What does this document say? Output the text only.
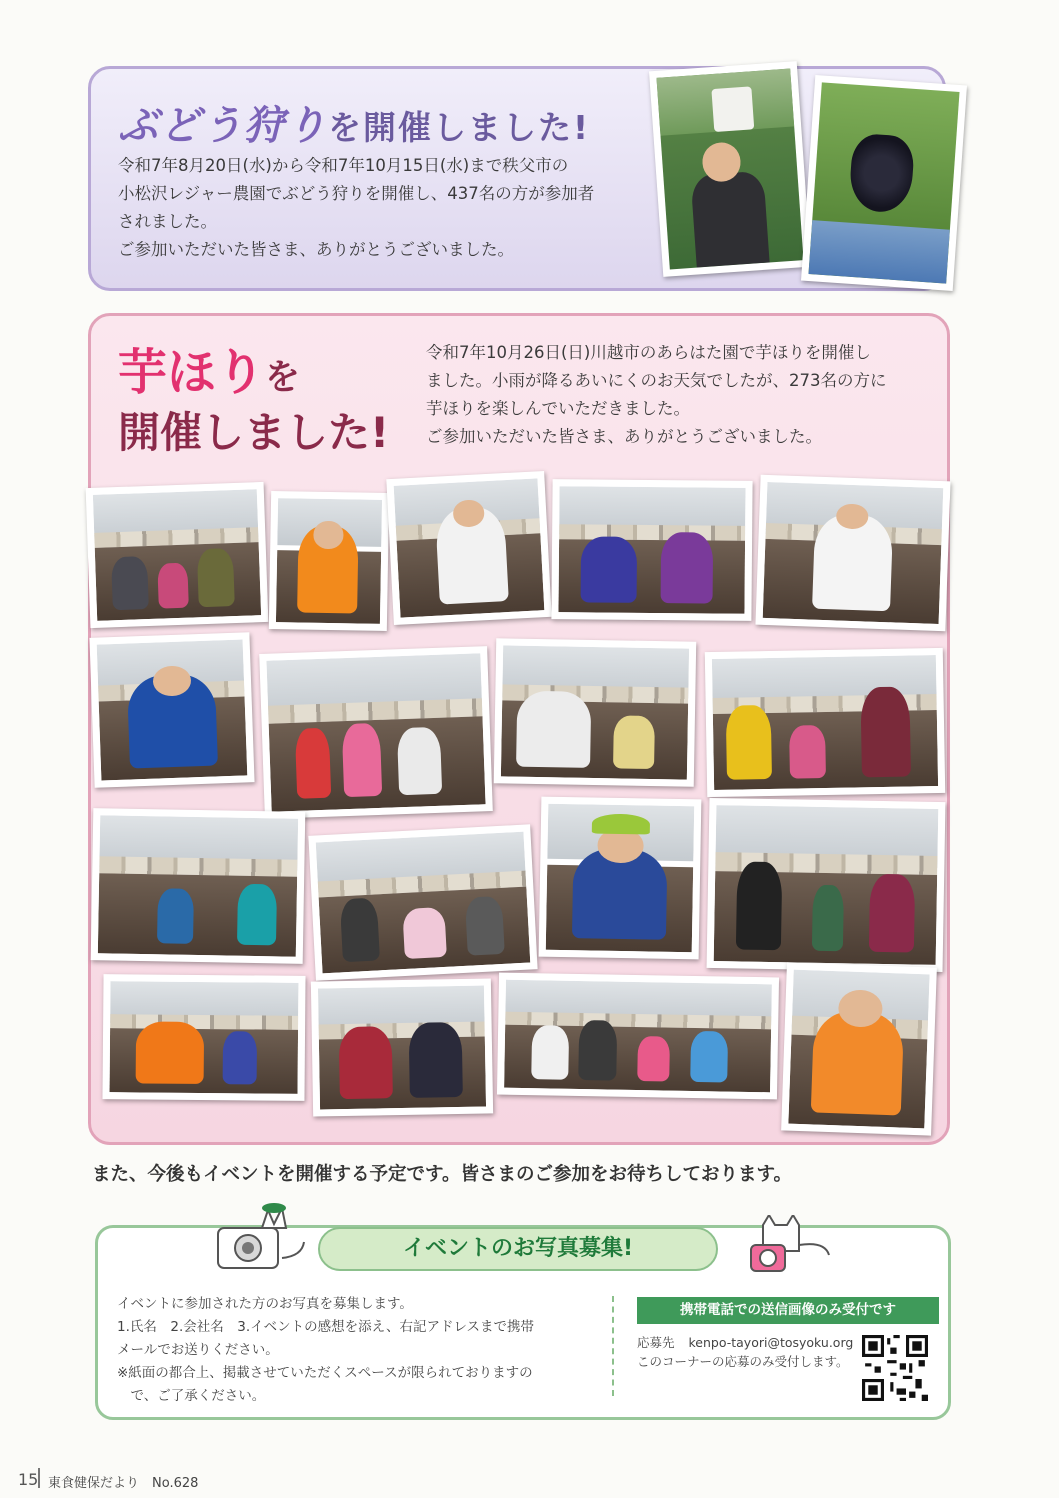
ぶどう狩りを開催しました!

令和7年8月20日(水)から令和7年10月15日(水)まで秩父市の

小松沢レジャー農園でぶどう狩りを開催し、437名の方が参加者

されました。

ご参加いただいた皆さま、ありがとうございました。

芋ほりを
開催しました!

令和7年10月26日(日)川越市のあらはた園で芋ほりを開催し

ました。小雨が降るあいにくのお天気でしたが、273名の方に

芋ほりを楽しんでいただきました。

ご参加いただいた皆さま、ありがとうございました。

また、今後もイベントを開催する予定です。皆さまのご参加をお待ちしております。
イベントのお写真募集!

イベントに参加された方のお写真を募集します。

1.氏名　2.会社名　3.イベントの感想を添え、右記アドレスまで携帯

メールでお送りください。

※紙面の都合上、掲載させていただくスペースが限られておりますの

　で、ご了承ください。

携帯電話での送信画像のみ受付です
応募先 kenpo-tayori@tosyoku.org
このコーナーの応募のみ受付します。
15 東食健保だより　No.628
